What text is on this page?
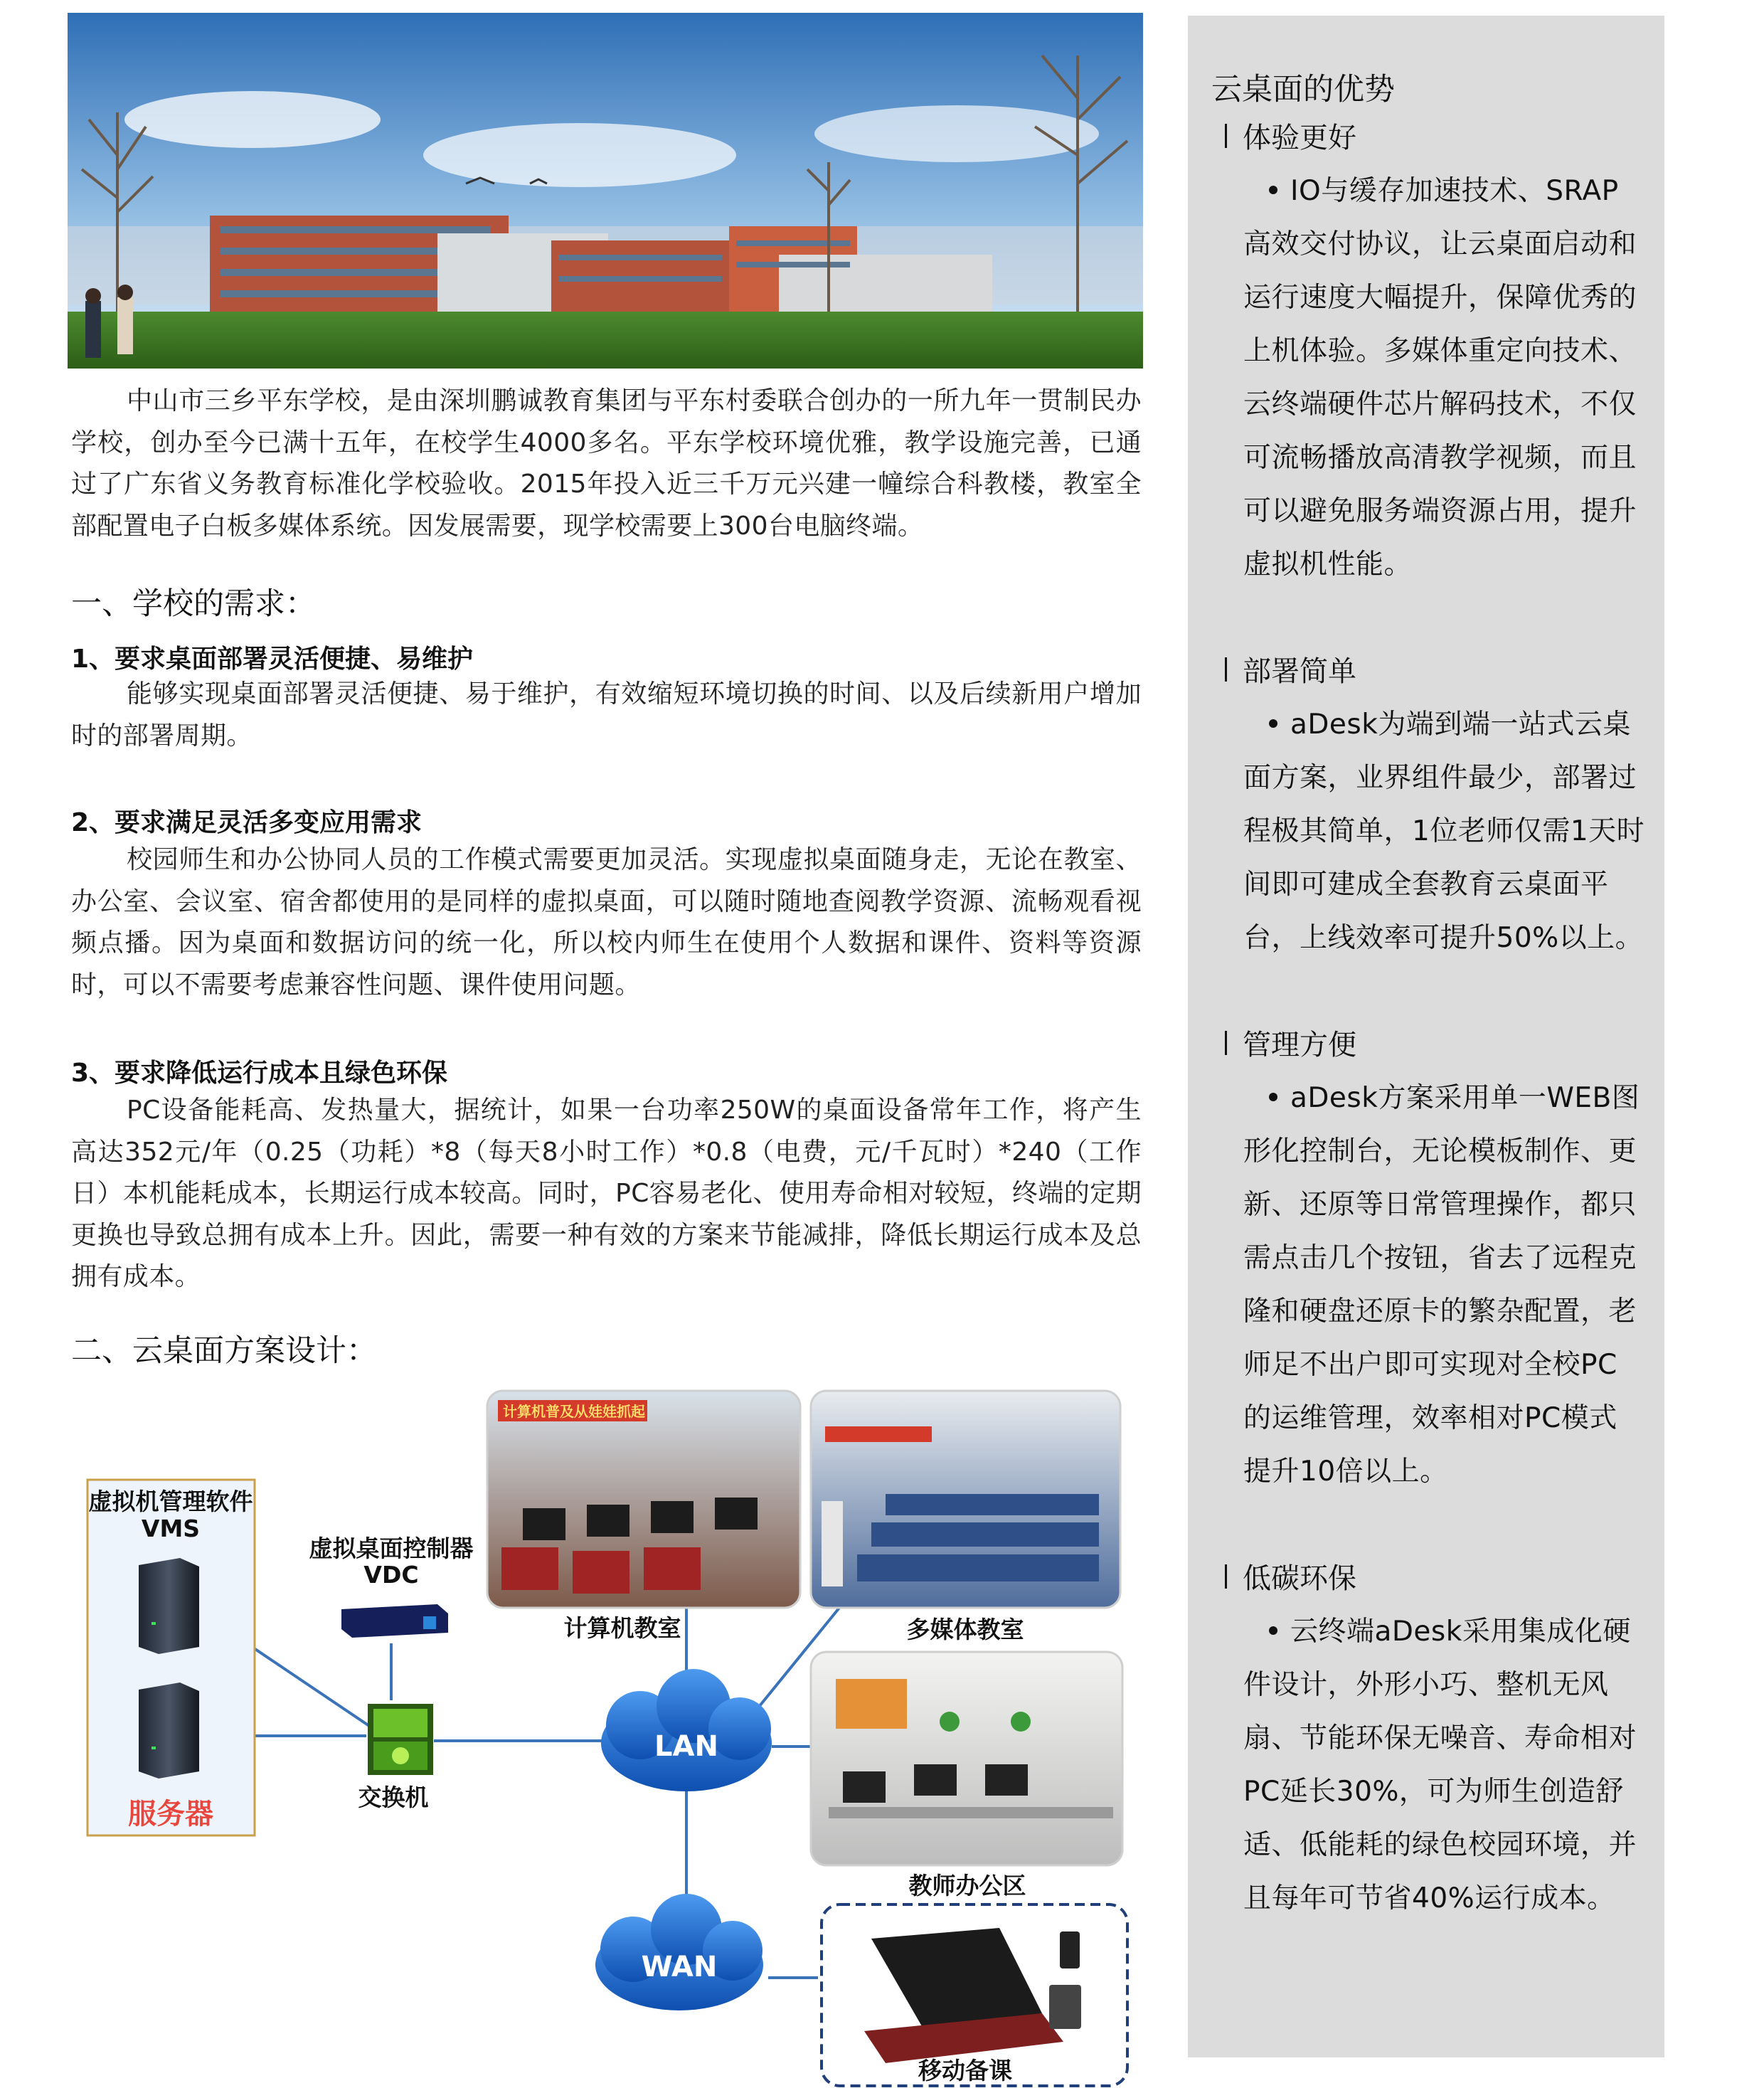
中山市三乡平东学校，是由深圳鹏诚教育集团与平东村委联合创办的一所九年一贯制民办学校，创办至今已满十五年，在校学生4000多名。平东学校环境优雅，教学设施完善，已通过了广东省义务教育标准化学校验收。2015年投入近三千万元兴建一幢综合科教楼，教室全部配置电子白板多媒体系统。因发展需要，现学校需要上300台电脑终端。

一、学校的需求：

1、要求桌面部署灵活便捷、易维护

能够实现桌面部署灵活便捷、易于维护，有效缩短环境切换的时间、以及后续新用户增加时的部署周期。

2、要求满足灵活多变应用需求

校园师生和办公协同人员的工作模式需要更加灵活。实现虚拟桌面随身走，无论在教室、办公室、会议室、宿舍都使用的是同样的虚拟桌面，可以随时随地查阅教学资源、流畅观看视频点播。因为桌面和数据访问的统一化，所以校内师生在使用个人数据和课件、资料等资源时，可以不需要考虑兼容性问题、课件使用问题。

3、要求降低运行成本且绿色环保

PC设备能耗高、发热量大，据统计，如果一台功率250W的桌面设备常年工作，将产生高达352元/年（0.25（功耗）*8（每天8小时工作）*0.8（电费，元/千瓦时）*240（工作日）本机能耗成本，长期运行成本较高。同时，PC容易老化、使用寿命相对较短，终端的定期更换也导致总拥有成本上升。因此，需要一种有效的方案来节能减排，降低长期运行成本及总拥有成本。

二、云桌面方案设计：
虚拟机管理软件
VMS
服务器
虚拟桌面控制器
VDC
交换机
LAN
WAN
计算机普及从娃娃抓起
计算机教室	多媒体教室
教师办公区
移动备课
云桌面的优势

体验更好

IO与缓存加速技术、SRAP高效交付协议，让云桌面启动和运行速度大幅提升，保障优秀的上机体验。多媒体重定向技术、云终端硬件芯片解码技术，不仅可流畅播放高清教学视频，而且可以避免服务端资源占用，提升虚拟机性能。

部署简单

aDesk为端到端一站式云桌面方案，业界组件最少，部署过程极其简单，1位老师仅需1天时间即可建成全套教育云桌面平台，上线效率可提升50%以上。

管理方便

aDesk方案采用单一WEB图形化控制台，无论模板制作、更新、还原等日常管理操作，都只需点击几个按钮，省去了远程克隆和硬盘还原卡的繁杂配置，老师足不出户即可实现对全校PC的运维管理，效率相对PC模式提升10倍以上。

低碳环保

云终端aDesk采用集成化硬件设计，外形小巧、整机无风扇、节能环保无噪音、寿命相对PC延长30%，可为师生创造舒适、低能耗的绿色校园环境，并且每年可节省40%运行成本。
